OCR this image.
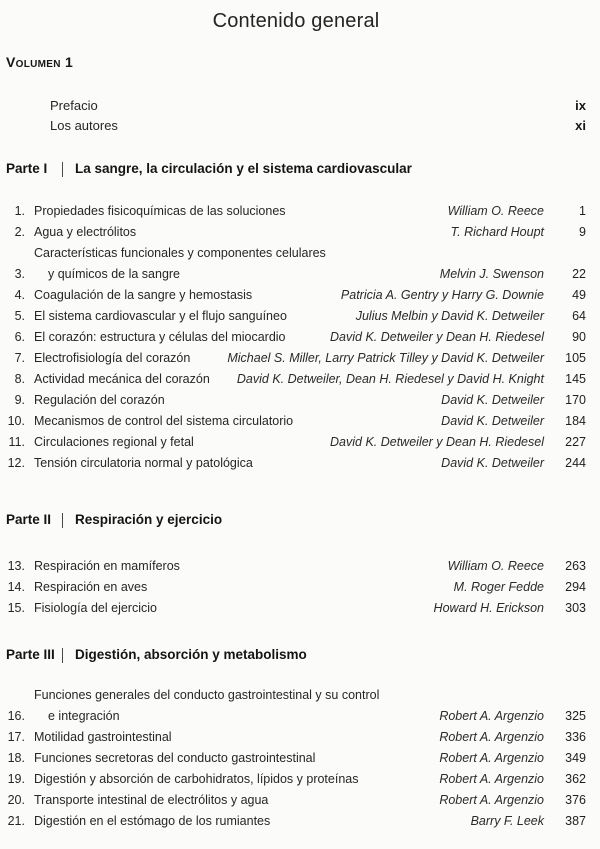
Contenido general
Volumen 1
Prefacio	ix
Los autores	xi
Parte I	La sangre, la circulación y el sistema cardiovascular
1. Propiedades fisicoquímicas de las soluciones	William O. Reece	1
2. Agua y electrólitos	T. Richard Houpt	9
3.
Características funcionales y componentes celulares
y químicos de la sangre	Melvin J. Swenson	22
4. Coagulación de la sangre y hemostasis	Patricia A. Gentry y Harry G. Downie	49
5. El sistema cardiovascular y el flujo sanguíneo	Julius Melbin y David K. Detweiler	64
6. El corazón: estructura y células del miocardio	David K. Detweiler y Dean H. Riedesel	90
7. Electrofisiología del corazón	Michael S. Miller, Larry Patrick Tilley y David K. Detweiler	105
8. Actividad mecánica del corazón	David K. Detweiler, Dean H. Riedesel y David H. Knight	145
9. Regulación del corazón	David K. Detweiler	170
10. Mecanismos de control del sistema circulatorio	David K. Detweiler	184
11. Circulaciones regional y fetal	David K. Detweiler y Dean H. Riedesel	227
12. Tensión circulatoria normal y patológica	David K. Detweiler	244
Parte II	Respiración y ejercicio
13. Respiración en mamíferos	William O. Reece	263
14. Respiración en aves	M. Roger Fedde	294
15. Fisiología del ejercicio	Howard H. Erickson	303
Parte III	Digestión, absorción y metabolismo
16.
Funciones generales del conducto gastrointestinal y su control
e integración	Robert A. Argenzio	325
17. Motilidad gastrointestinal	Robert A. Argenzio	336
18. Funciones secretoras del conducto gastrointestinal	Robert A. Argenzio	349
19. Digestión y absorción de carbohidratos, lípidos y proteínas	Robert A. Argenzio	362
20. Transporte intestinal de electrólitos y agua	Robert A. Argenzio	376
21. Digestión en el estómago de los rumiantes	Barry F. Leek	387
